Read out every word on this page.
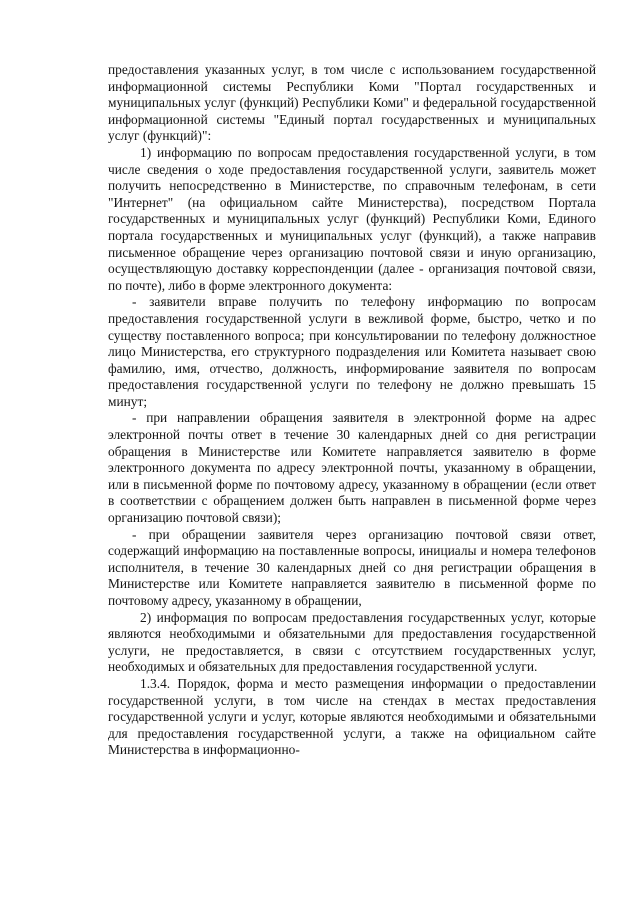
предоставления указанных услуг, в том числе с использованием государственной информационной системы Республики Коми "Портал государственных и муниципальных услуг (функций) Республики Коми" и федеральной государственной информационной системы "Единый портал государственных и муниципальных услуг (функций)":

1) информацию по вопросам предоставления государственной услуги, в том числе сведения о ходе предоставления государственной услуги, заявитель может получить непосредственно в Министерстве, по справочным телефонам, в сети "Интернет" (на официальном сайте Министерства), посредством Портала государственных и муниципальных услуг (функций) Республики Коми, Единого портала государственных и муниципальных услуг (функций), а также направив письменное обращение через организацию почтовой связи и иную организацию, осуществляющую доставку корреспонденции (далее - организация почтовой связи, по почте), либо в форме электронного документа:

- заявители вправе получить по телефону информацию по вопросам предоставления государственной услуги в вежливой форме, быстро, четко и по существу поставленного вопроса; при консультировании по телефону должностное лицо Министерства, его структурного подразделения или Комитета называет свою фамилию, имя, отчество, должность, информирование заявителя по вопросам предоставления государственной услуги по телефону не должно превышать 15 минут;

- при направлении обращения заявителя в электронной форме на адрес электронной почты ответ в течение 30 календарных дней со дня регистрации обращения в Министерстве или Комитете направляется заявителю в форме электронного документа по адресу электронной почты, указанному в обращении, или в письменной форме по почтовому адресу, указанному в обращении (если ответ в соответствии с обращением должен быть направлен в письменной форме через организацию почтовой связи);

- при обращении заявителя через организацию почтовой связи ответ, содержащий информацию на поставленные вопросы, инициалы и номера телефонов исполнителя, в течение 30 календарных дней со дня регистрации обращения в Министерстве или Комитете направляется заявителю в письменной форме по почтовому адресу, указанному в обращении,

2) информация по вопросам предоставления государственных услуг, которые являются необходимыми и обязательными для предоставления государственной услуги, не предоставляется, в связи с отсутствием государственных услуг, необходимых и обязательных для предоставления государственной услуги.

1.3.4. Порядок, форма и место размещения информации о предоставлении государственной услуги, в том числе на стендах в местах предоставления государственной услуги и услуг, которые являются необходимыми и обязательными для предоставления государственной услуги, а также на официальном сайте Министерства в информационно-
